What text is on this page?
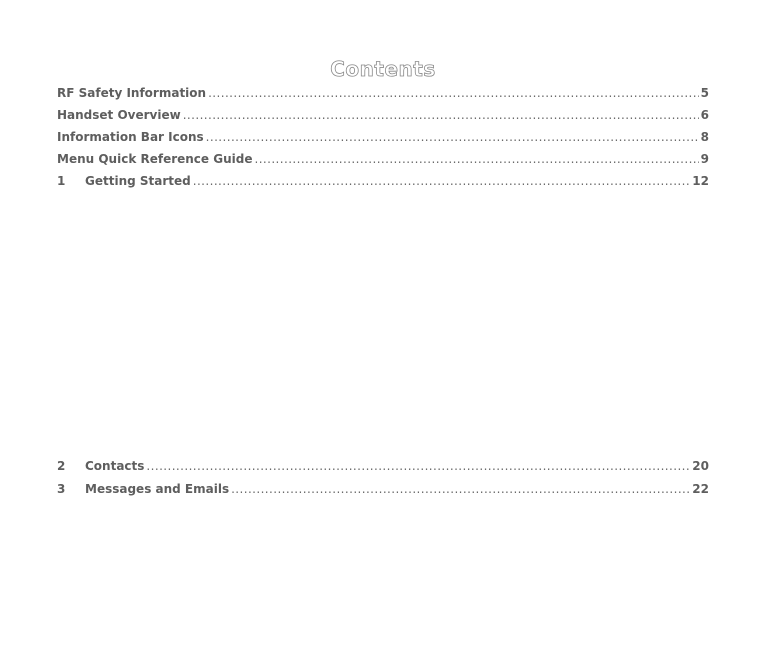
Contents
RF Safety Information .....	5
Handset Overview .....	6
Information Bar Icons .....	8
Menu Quick Reference Guide .....	9
1	Getting Started .....	12
2	Contacts .....	20
3	Messages and Emails .....	22
